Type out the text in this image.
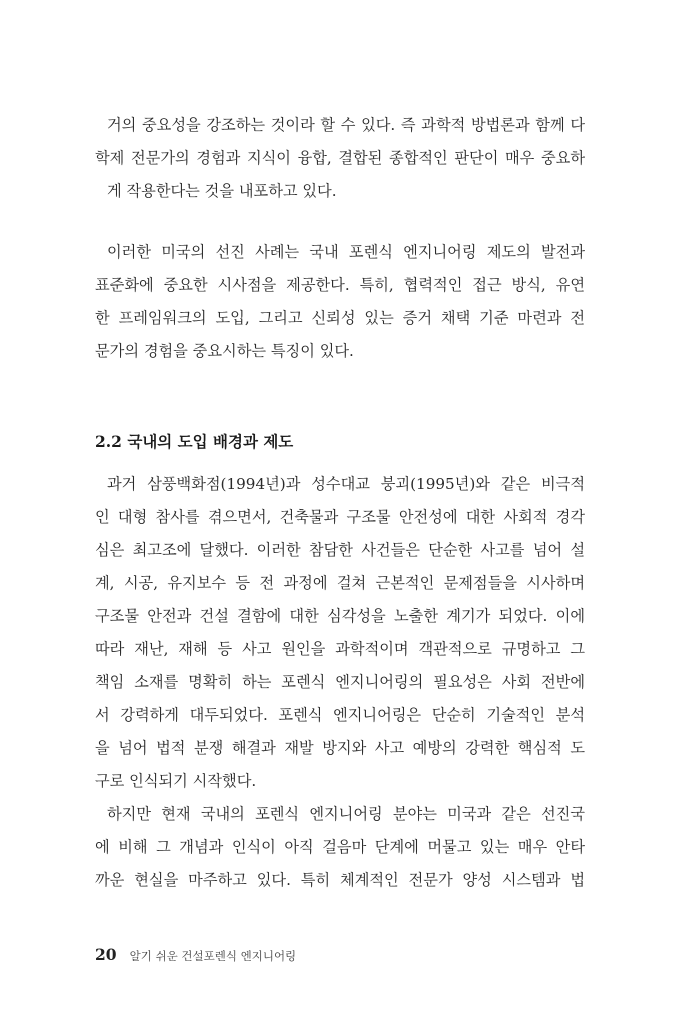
거의 중요성을 강조하는 것이라 할 수 있다. 즉 과학적 방법론과 함께 다
학제 전문가의 경험과 지식이 융합, 결합된 종합적인 판단이 매우 중요하
게 작용한다는 것을 내포하고 있다.
이러한 미국의 선진 사례는 국내 포렌식 엔지니어링 제도의 발전과
표준화에 중요한 시사점을 제공한다. 특히, 협력적인 접근 방식, 유연
한 프레임워크의 도입, 그리고 신뢰성 있는 증거 채택 기준 마련과 전
문가의 경험을 중요시하는 특징이 있다.
2.2 국내의 도입 배경과 제도
과거 삼풍백화점(1994년)과 성수대교 붕괴(1995년)와 같은 비극적
인 대형 참사를 겪으면서, 건축물과 구조물 안전성에 대한 사회적 경각
심은 최고조에 달했다. 이러한 참담한 사건들은 단순한 사고를 넘어 설
계, 시공, 유지보수 등 전 과정에 걸쳐 근본적인 문제점들을 시사하며
구조물 안전과 건설 결함에 대한 심각성을 노출한 계기가 되었다. 이에
따라 재난, 재해 등 사고 원인을 과학적이며 객관적으로 규명하고 그
책임 소재를 명확히 하는 포렌식 엔지니어링의 필요성은 사회 전반에
서 강력하게 대두되었다. 포렌식 엔지니어링은 단순히 기술적인 분석
을 넘어 법적 분쟁 해결과 재발 방지와 사고 예방의 강력한 핵심적 도
구로 인식되기 시작했다.
하지만 현재 국내의 포렌식 엔지니어링 분야는 미국과 같은 선진국
에 비해 그 개념과 인식이 아직 걸음마 단계에 머물고 있는 매우 안타
까운 현실을 마주하고 있다. 특히 체계적인 전문가 양성 시스템과 법
20 알기 쉬운 건설포렌식 엔지니어링
